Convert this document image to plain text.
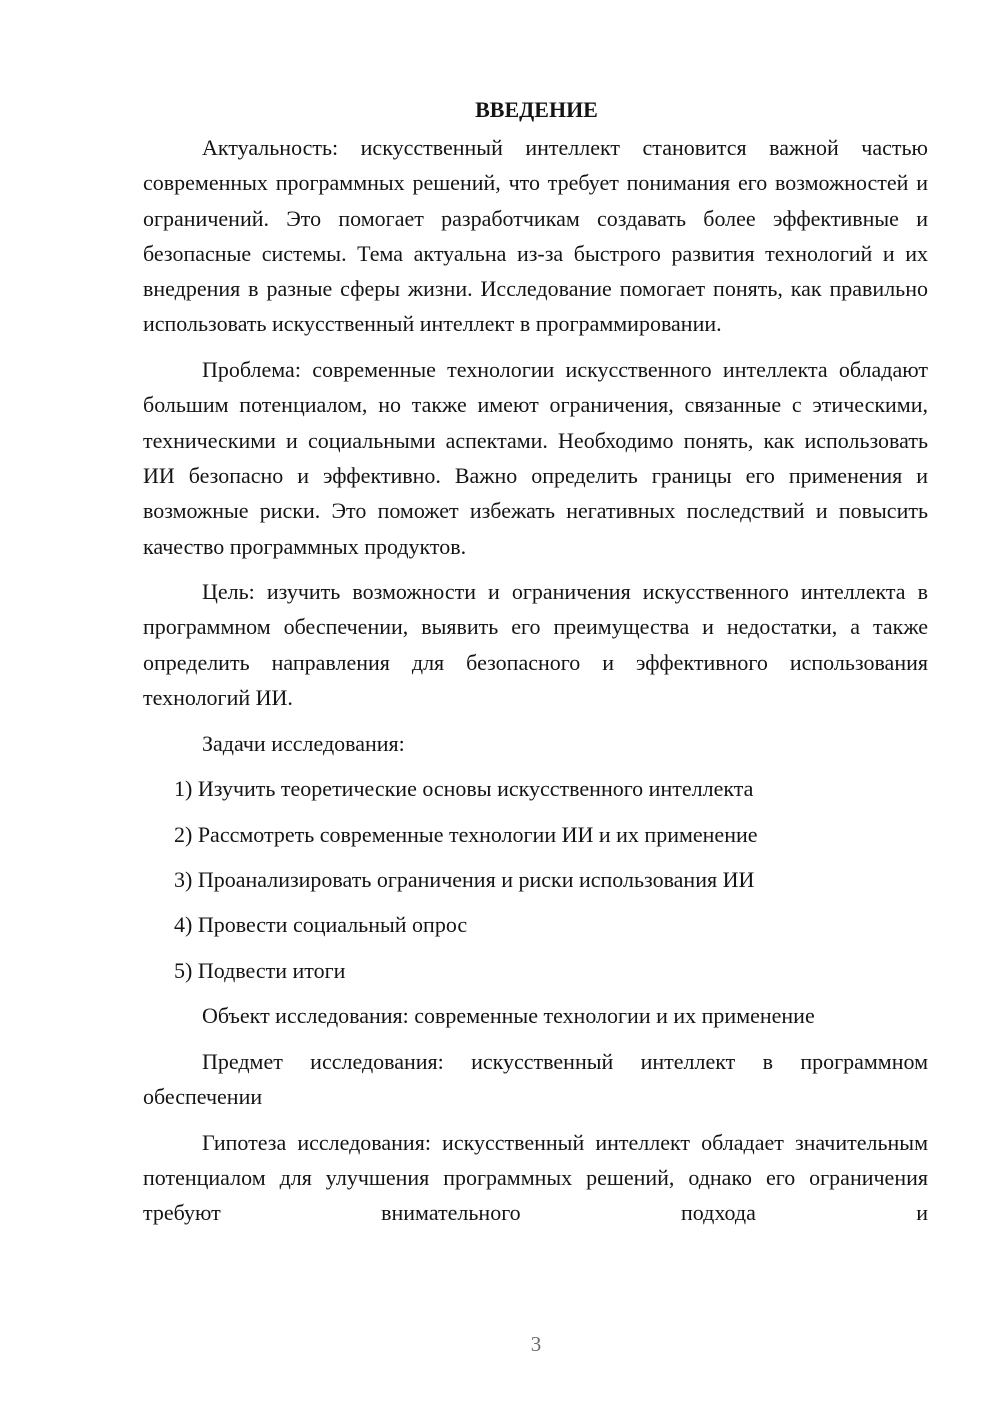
ВВЕДЕНИЕ

Актуальность: искусственный интеллект становится важной частью современных программных решений, что требует понимания его возможностей и ограничений. Это помогает разработчикам создавать более эффективные и безопасные системы. Тема актуальна из-за быстрого развития технологий и их внедрения в разные сферы жизни. Исследование помогает понять, как правильно использовать искусственный интеллект в программировании.

Проблема: современные технологии искусственного интеллекта обладают большим потенциалом, но также имеют ограничения, связанные с этическими, техническими и социальными аспектами. Необходимо понять, как использовать ИИ безопасно и эффективно. Важно определить границы его применения и возможные риски. Это поможет избежать негативных последствий и повысить качество программных продуктов.

Цель: изучить возможности и ограничения искусственного интеллекта в программном обеспечении, выявить его преимущества и недостатки, а также определить направления для безопасного и эффективного использования технологий ИИ.

Задачи исследования:

1) Изучить теоретические основы искусственного интеллекта
2) Рассмотреть современные технологии ИИ и их применение
3) Проанализировать ограничения и риски использования ИИ
4) Провести социальный опрос
5) Подвести итоги

Объект исследования: современные технологии и их применение

Предмет исследования: искусственный интеллект в программном обеспечении

Гипотеза исследования: искусственный интеллект обладает значительным потенциалом для улучшения программных решений, однако его ограничения требуют внимательного подхода и

3
